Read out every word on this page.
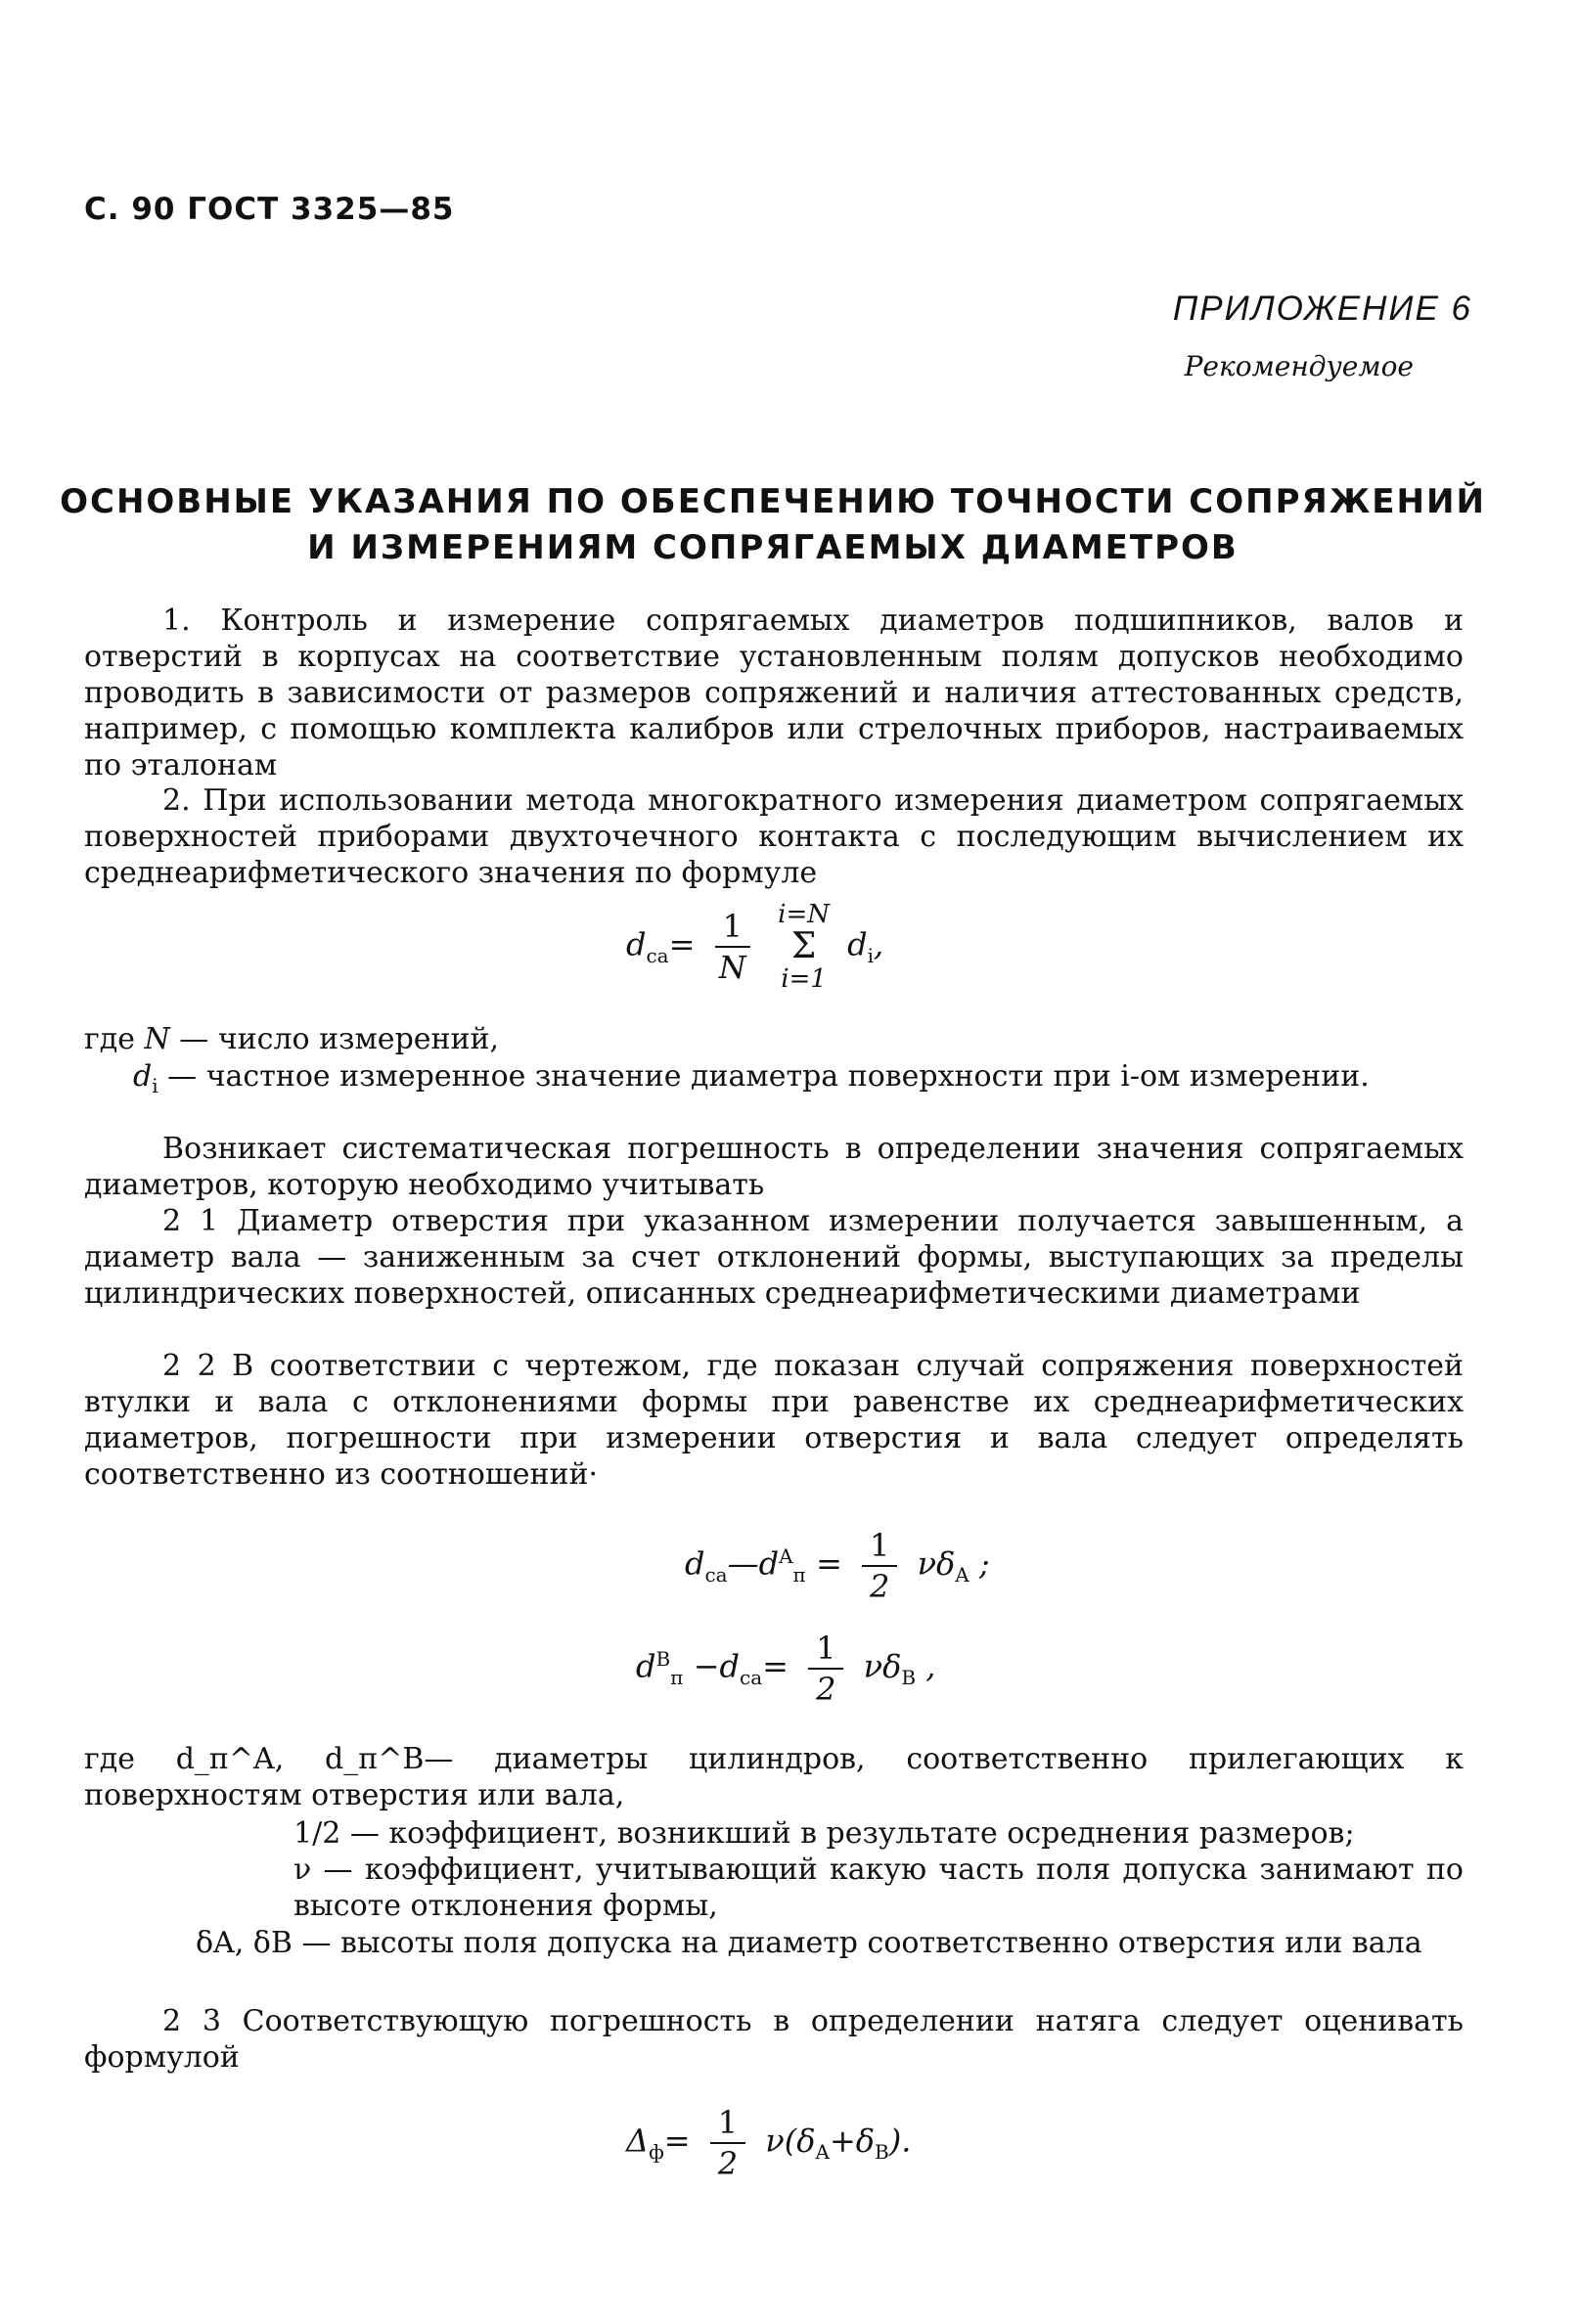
С. 90 ГОСТ 3325—85
ПРИЛОЖЕНИЕ 6
Рекомендуемое
ОСНОВНЫЕ УКАЗАНИЯ ПО ОБЕСПЕЧЕНИЮ ТОЧНОСТИ СОПРЯЖЕНИЙ
И ИЗМЕРЕНИЯМ СОПРЯГАЕМЫХ ДИАМЕТРОВ
1. Контроль и измерение сопрягаемых диаметров подшипников, валов и отверстий в корпусах на соответствие установленным полям допусков необходимо проводить в зависимости от размеров сопряжений и наличия аттестованных средств, например, с помощью комплекта калибров или стрелочных приборов, настраиваемых по эталонам
2. При использовании метода многократного измерения диаметром сопрягаемых поверхностей приборами двухточечного контакта с последующим вычислением их среднеарифметического значения по формуле
$d_{ca}= \frac{1}{N}$
i=N
Σ
i=1
$d_i$,
где N — число измерений,
$d_i$ — частное измеренное значение диаметра поверхности при i-ом измерении.
Возникает систематическая погрешность в определении значения сопрягаемых диаметров, которую необходимо учитывать
2 1 Диаметр отверстия при указанном измерении получается завышенным, а диаметр вала — заниженным за счет отклонений формы, выступающих за пределы цилиндрических поверхностей, описанных среднеарифметическими диаметрами
2 2 В соответствии с чертежом, где показан случай сопряжения поверхностей втулки и вала с отклонениями формы при равенстве их среднеарифметических диаметров, погрешности при измерении отверстия и вала следует определять соответственно из соотношений·
$d_{ca}—d^A_п = \frac{1}{2} \nu\delta_A$ ;
$d^B_п -d_{ca}= \frac{1}{2} \nu\delta_B$ ,
где d_п^A, d_п^B— диаметры цилиндров, соответственно прилегающих к поверхностям отверстия или вала,
1/2 — коэффициент, возникший в результате осреднения размеров;
ν — коэффициент, учитывающий какую часть поля допуска занимают по высоте отклонения формы,
δA, δB — высоты поля допуска на диаметр соответственно отверстия или вала
2 3 Соответствующую погрешность в определении натяга следует оценивать формулой
$\Delta_ф= \frac{1}{2} \nu(\delta_A+\delta_B)$.
